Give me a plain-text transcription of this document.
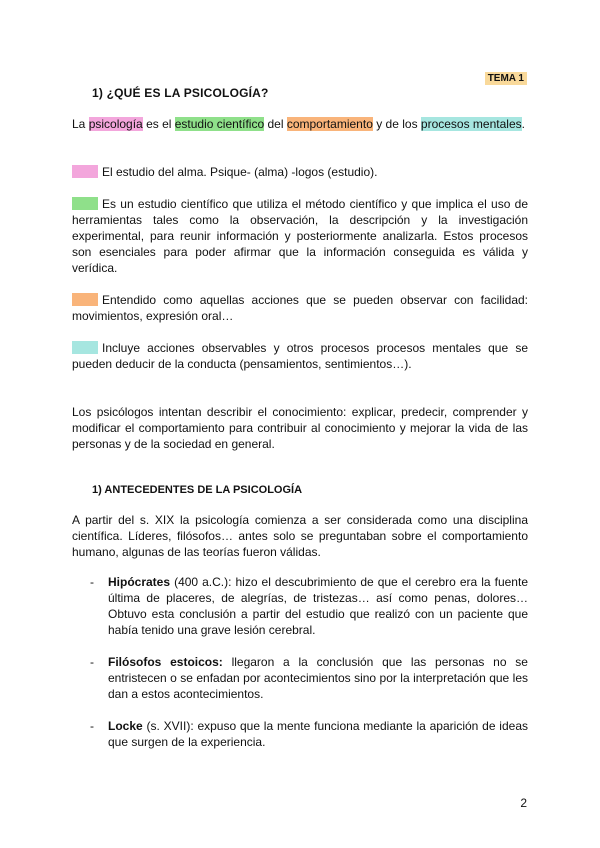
TEMA 1
1) ¿QUÉ ES LA PSICOLOGÍA?
La psicología es el estudio científico del comportamiento y de los procesos mentales.
El estudio del alma. Psique- (alma) -logos (estudio).
Es un estudio científico que utiliza el método científico y que implica el uso de herramientas tales como la observación, la descripción y la investigación experimental, para reunir información y posteriormente analizarla. Estos procesos son esenciales para poder afirmar que la información conseguida es válida y verídica.
Entendido como aquellas acciones que se pueden observar con facilidad: movimientos, expresión oral…
Incluye acciones observables y otros procesos procesos mentales que se pueden deducir de la conducta (pensamientos, sentimientos…).
Los psicólogos intentan describir el conocimiento: explicar, predecir, comprender y modificar el comportamiento para contribuir al conocimiento y mejorar la vida de las personas y de la sociedad en general.
1) ANTECEDENTES DE LA PSICOLOGÍA
A partir del s. XIX la psicología comienza a ser considerada como una disciplina científica. Líderes, filósofos… antes solo se preguntaban sobre el comportamiento humano, algunas de las teorías fueron válidas.
- Hipócrates (400 a.C.): hizo el descubrimiento de que el cerebro era la fuente última de placeres, de alegrías, de tristezas… así como penas, dolores… Obtuvo esta conclusión a partir del estudio que realizó con un paciente que había tenido una grave lesión cerebral.
- Filósofos estoicos: llegaron a la conclusión que las personas no se entristecen o se enfadan por acontecimientos sino por la interpretación que les dan a estos acontecimientos.
- Locke (s. XVII): expuso que la mente funciona mediante la aparición de ideas que surgen de la experiencia.
2
